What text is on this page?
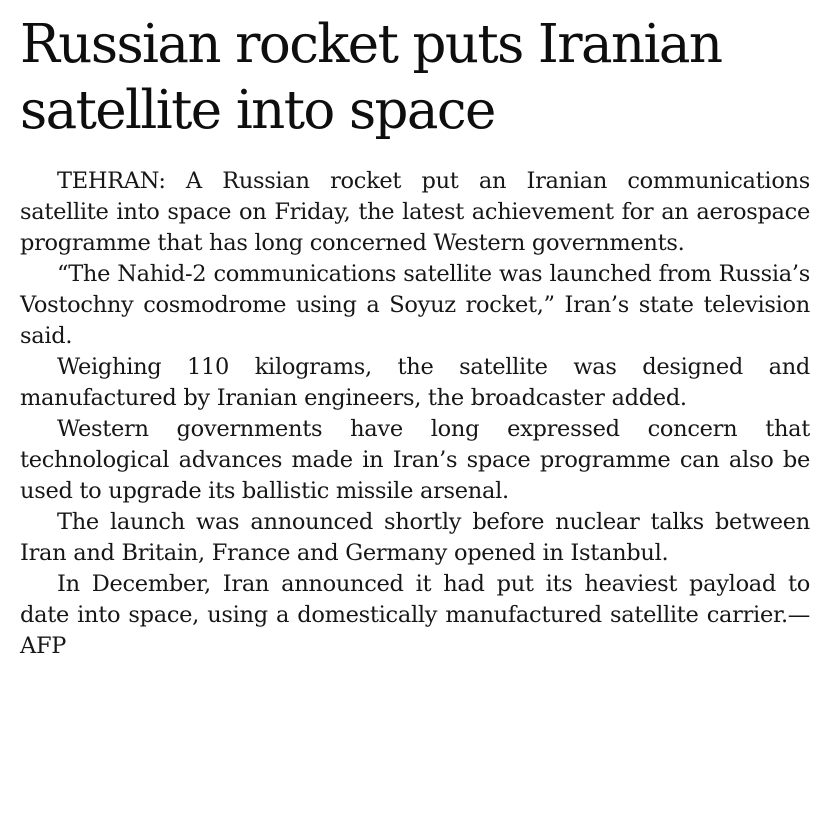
Russian rocket puts Iranian satellite into space

TEHRAN: A Russian rocket put an Iranian communications satellite into space on Friday, the latest achievement for an aerospace programme that has long concerned Western governments.

“The Nahid-2 communications satellite was launched from Russia’s Vostochny cosmodrome using a Soyuz rocket,” Iran’s state television said.

Weighing 110 kilograms, the satellite was designed and manufactured by Iranian engineers, the broadcaster added.

Western governments have long expressed concern that technological advances made in Iran’s space programme can also be used to upgrade its ballistic missile arsenal.

The launch was announced shortly before nuclear talks between Iran and Britain, France and Germany opened in Istanbul.

In December, Iran announced it had put its heaviest payload to date into space, using a domestically manufactured satellite carrier.—AFP
